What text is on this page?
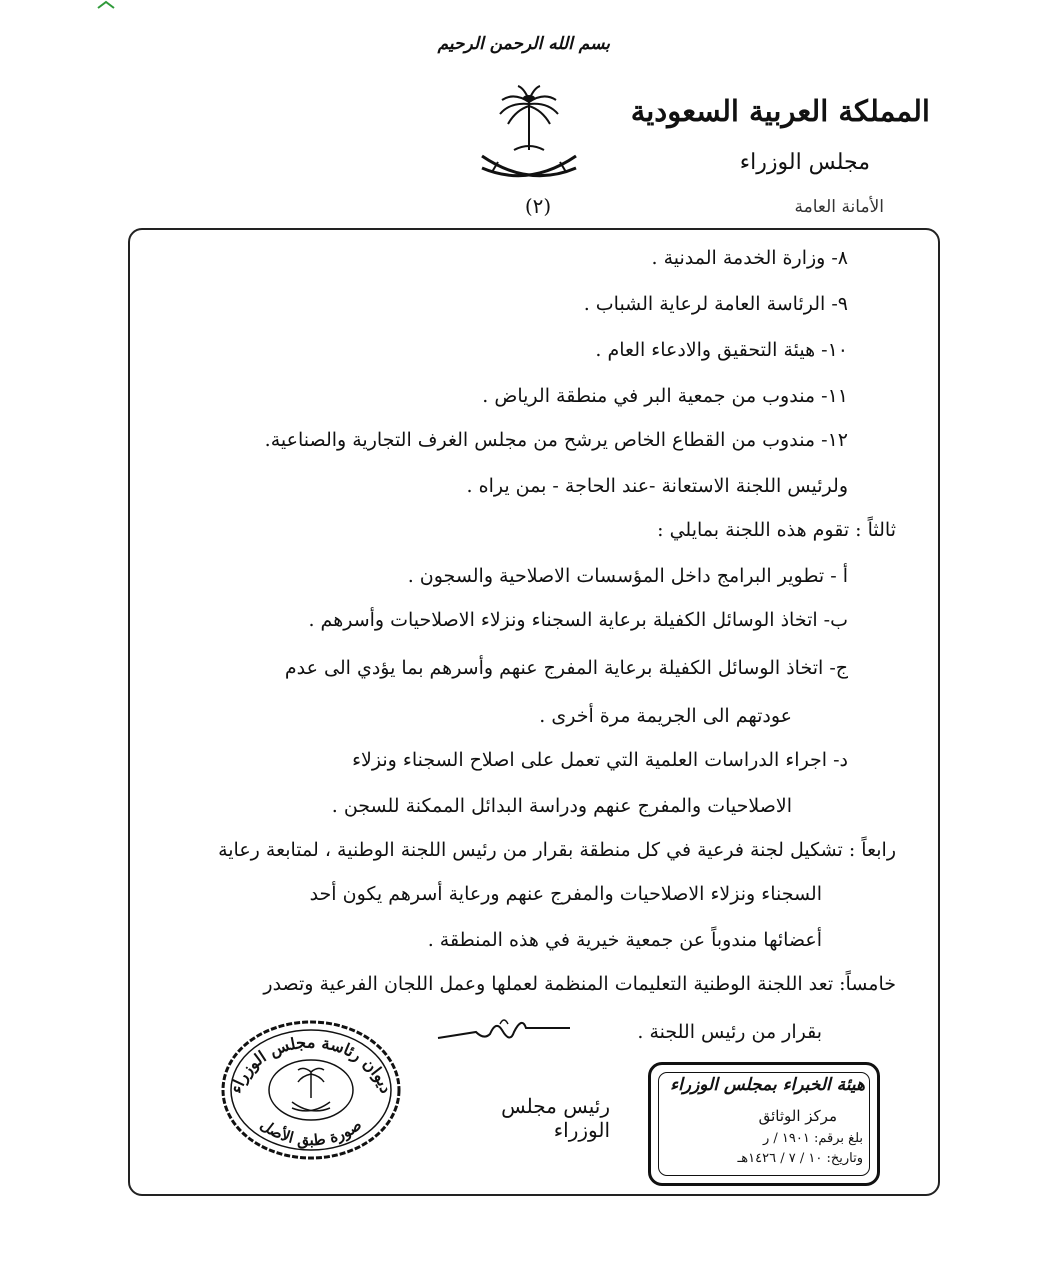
بسم الله الرحمن الرحيم
(٢)
المملكة العربية السعودية
مجلس الوزراء
الأمانة العامة
٨- وزارة الخدمة المدنية .
٩- الرئاسة العامة لرعاية الشباب .
١٠- هيئة التحقيق والادعاء العام .
١١- مندوب من جمعية البر في منطقة الرياض .
١٢- مندوب من القطاع الخاص يرشح من مجلس الغرف التجارية والصناعية.
ولرئيس اللجنة الاستعانة -عند الحاجة - بمن يراه .
ثالثاً : تقوم هذه اللجنة بمايلي :
أ - تطوير البرامج داخل المؤسسات الاصلاحية والسجون .
ب- اتخاذ الوسائل الكفيلة برعاية السجناء ونزلاء الاصلاحيات وأسرهم .
ج- اتخاذ الوسائل الكفيلة برعاية المفرج عنهم وأسرهم بما يؤدي الى عدم
عودتهم الى الجريمة مرة أخرى .
د- اجراء الدراسات العلمية التي تعمل على اصلاح السجناء ونزلاء
الاصلاحيات والمفرج عنهم ودراسة البدائل الممكنة للسجن .
رابعاً : تشكيل لجنة فرعية في كل منطقة بقرار من رئيس اللجنة الوطنية ، لمتابعة رعاية
السجناء ونزلاء الاصلاحيات والمفرج عنهم ورعاية أسرهم يكون أحد
أعضائها مندوباً عن جمعية خيرية في هذه المنطقة .
خامساً: تعد اللجنة الوطنية التعليمات المنظمة لعملها وعمل اللجان الفرعية وتصدر
بقرار من رئيس اللجنة .
رئيس مجلس الوزراء
ديوان رئاسة مجلس الوزراء
صورة طبق الأصل
هيئة الخبراء بمجلس الوزراء
مركز الوثائق
بلغ برقم: ١٩٠١ / ر
وتاريخ: ١٠ / ٧ / ١٤٢٦هـ
